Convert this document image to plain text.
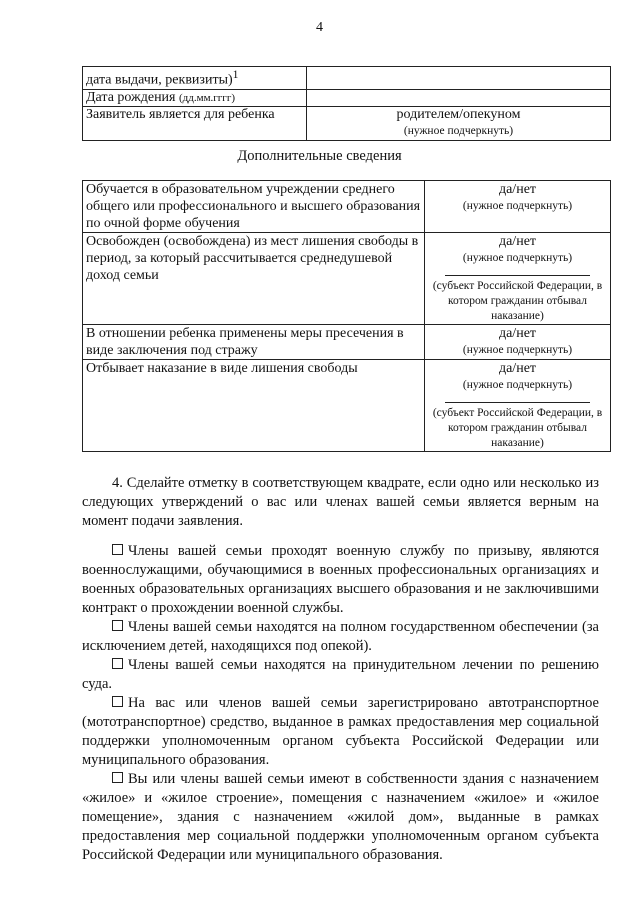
4
дата выдачи, реквизиты)$^1$	
Дата рождения (дд.мм.гггг)	
Заявитель является для ребенка	родителем/опекуном
(нужное подчеркнуть)
Дополнительные сведения
Обучается в образовательном учреждении среднего общего или профессионального и высшего образования по очной форме обучения	да/нет
(нужное подчеркнуть)

Освобожден (освобождена) из мест лишения свободы в период, за который рассчитывается среднедушевой доход семьи	да/нет
(нужное подчеркнуть)
(субъект Российской Федерации, в котором гражданин отбывал наказание)

В отношении ребенка применены меры пресечения в виде заключения под стражу	да/нет
(нужное подчеркнуть)

Отбывает наказание в виде лишения свободы	да/нет
(нужное подчеркнуть)
(субъект Российской Федерации, в котором гражданин отбывал наказание)

4. Сделайте отметку в соответствующем квадрате, если одно или несколько из следующих утверждений о вас или членах вашей семьи является верным на момент подачи заявления.

Члены вашей семьи проходят военную службу по призыву, являются военнослужащими, обучающимися в военных профессиональных организациях и военных образовательных организациях высшего образования и не заключившими контракт о прохождении военной службы.

Члены вашей семьи находятся на полном государственном обеспечении (за исключением детей, находящихся под опекой).

Члены вашей семьи находятся на принудительном лечении по решению суда.

На вас или членов вашей семьи зарегистрировано автотранспортное (мототранспортное) средство, выданное в рамках предоставления мер социальной поддержки уполномоченным органом субъекта Российской Федерации или муниципального образования.

Вы или члены вашей семьи имеют в собственности здания с назначением «жилое» и «жилое строение», помещения с назначением «жилое» и «жилое помещение», здания с назначением «жилой дом», выданные в рамках предоставления мер социальной поддержки уполномоченным органом субъекта Российской Федерации или муниципального образования.
